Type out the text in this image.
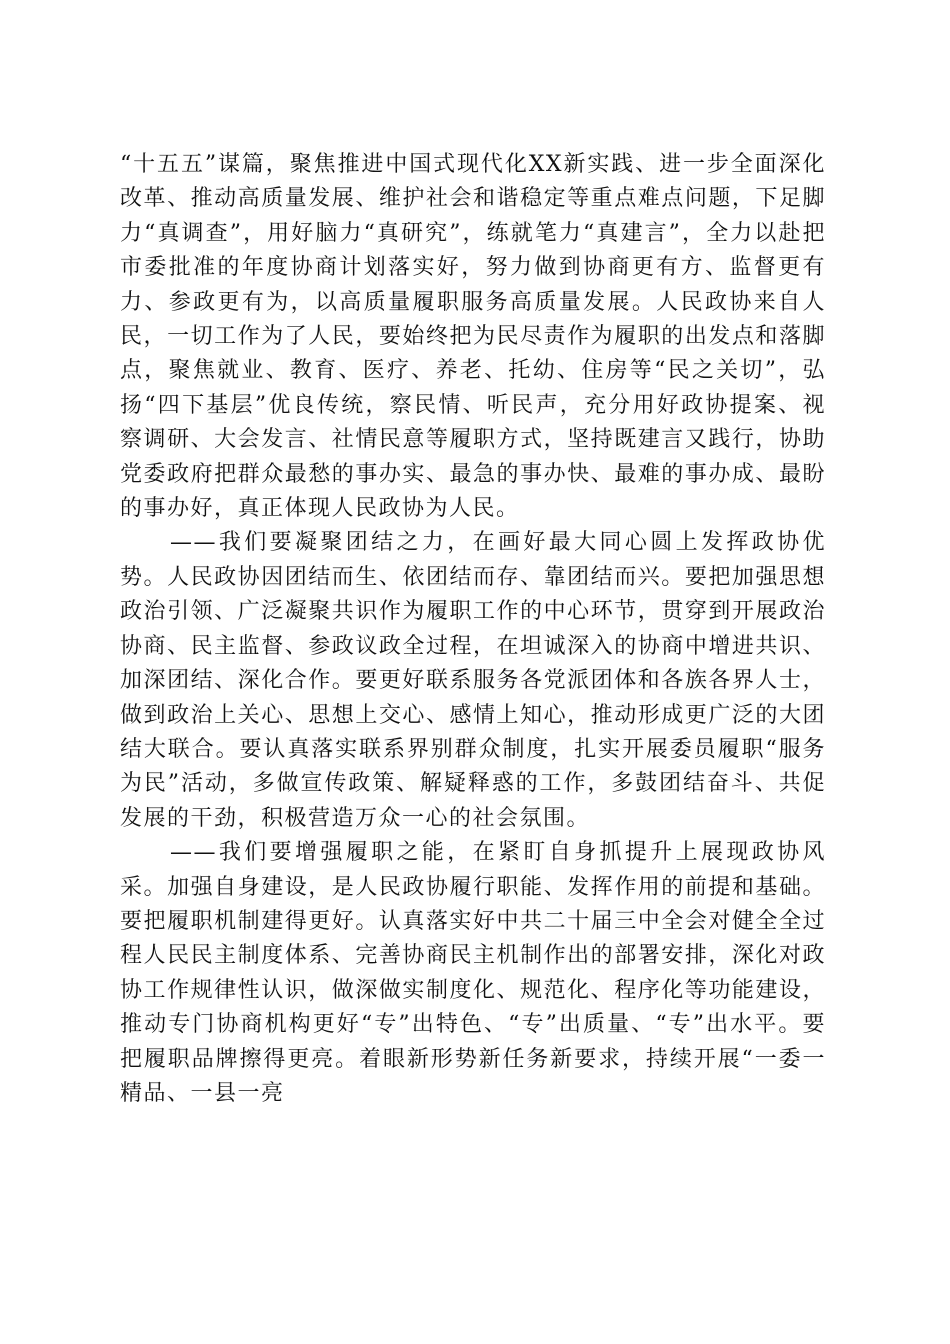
“十五五”谋篇，聚焦推进中国式现代化XX新实践、进一步全面深化改革、推动高质量发展、维护社会和谐稳定等重点难点问题，下足脚力“真调查”，用好脑力“真研究”，练就笔力“真建言”，全力以赴把市委批准的年度协商计划落实好，努力做到协商更有方、监督更有力、参政更有为，以高质量履职服务高质量发展。人民政协来自人民，一切工作为了人民，要始终把为民尽责作为履职的出发点和落脚点，聚焦就业、教育、医疗、养老、托幼、住房等“民之关切”，弘扬“四下基层”优良传统，察民情、听民声，充分用好政协提案、视察调研、大会发言、社情民意等履职方式，坚持既建言又践行，协助党委政府把群众最愁的事办实、最急的事办快、最难的事办成、最盼的事办好，真正体现人民政协为人民。

——我们要凝聚团结之力，在画好最大同心圆上发挥政协优势。人民政协因团结而生、依团结而存、靠团结而兴。要把加强思想政治引领、广泛凝聚共识作为履职工作的中心环节，贯穿到开展政治协商、民主监督、参政议政全过程，在坦诚深入的协商中增进共识、加深团结、深化合作。要更好联系服务各党派团体和各族各界人士，做到政治上关心、思想上交心、感情上知心，推动形成更广泛的大团结大联合。要认真落实联系界别群众制度，扎实开展委员履职“服务为民”活动，多做宣传政策、解疑释惑的工作，多鼓团结奋斗、共促发展的干劲，积极营造万众一心的社会氛围。

——我们要增强履职之能，在紧盯自身抓提升上展现政协风采。加强自身建设，是人民政协履行职能、发挥作用的前提和基础。要把履职机制建得更好。认真落实好中共二十届三中全会对健全全过程人民民主制度体系、完善协商民主机制作出的部署安排，深化对政协工作规律性认识，做深做实制度化、规范化、程序化等功能建设，推动专门协商机构更好“专”出特色、“专”出质量、“专”出水平。要把履职品牌擦得更亮。着眼新形势新任务新要求，持续开展“一委一精品、一县一亮
